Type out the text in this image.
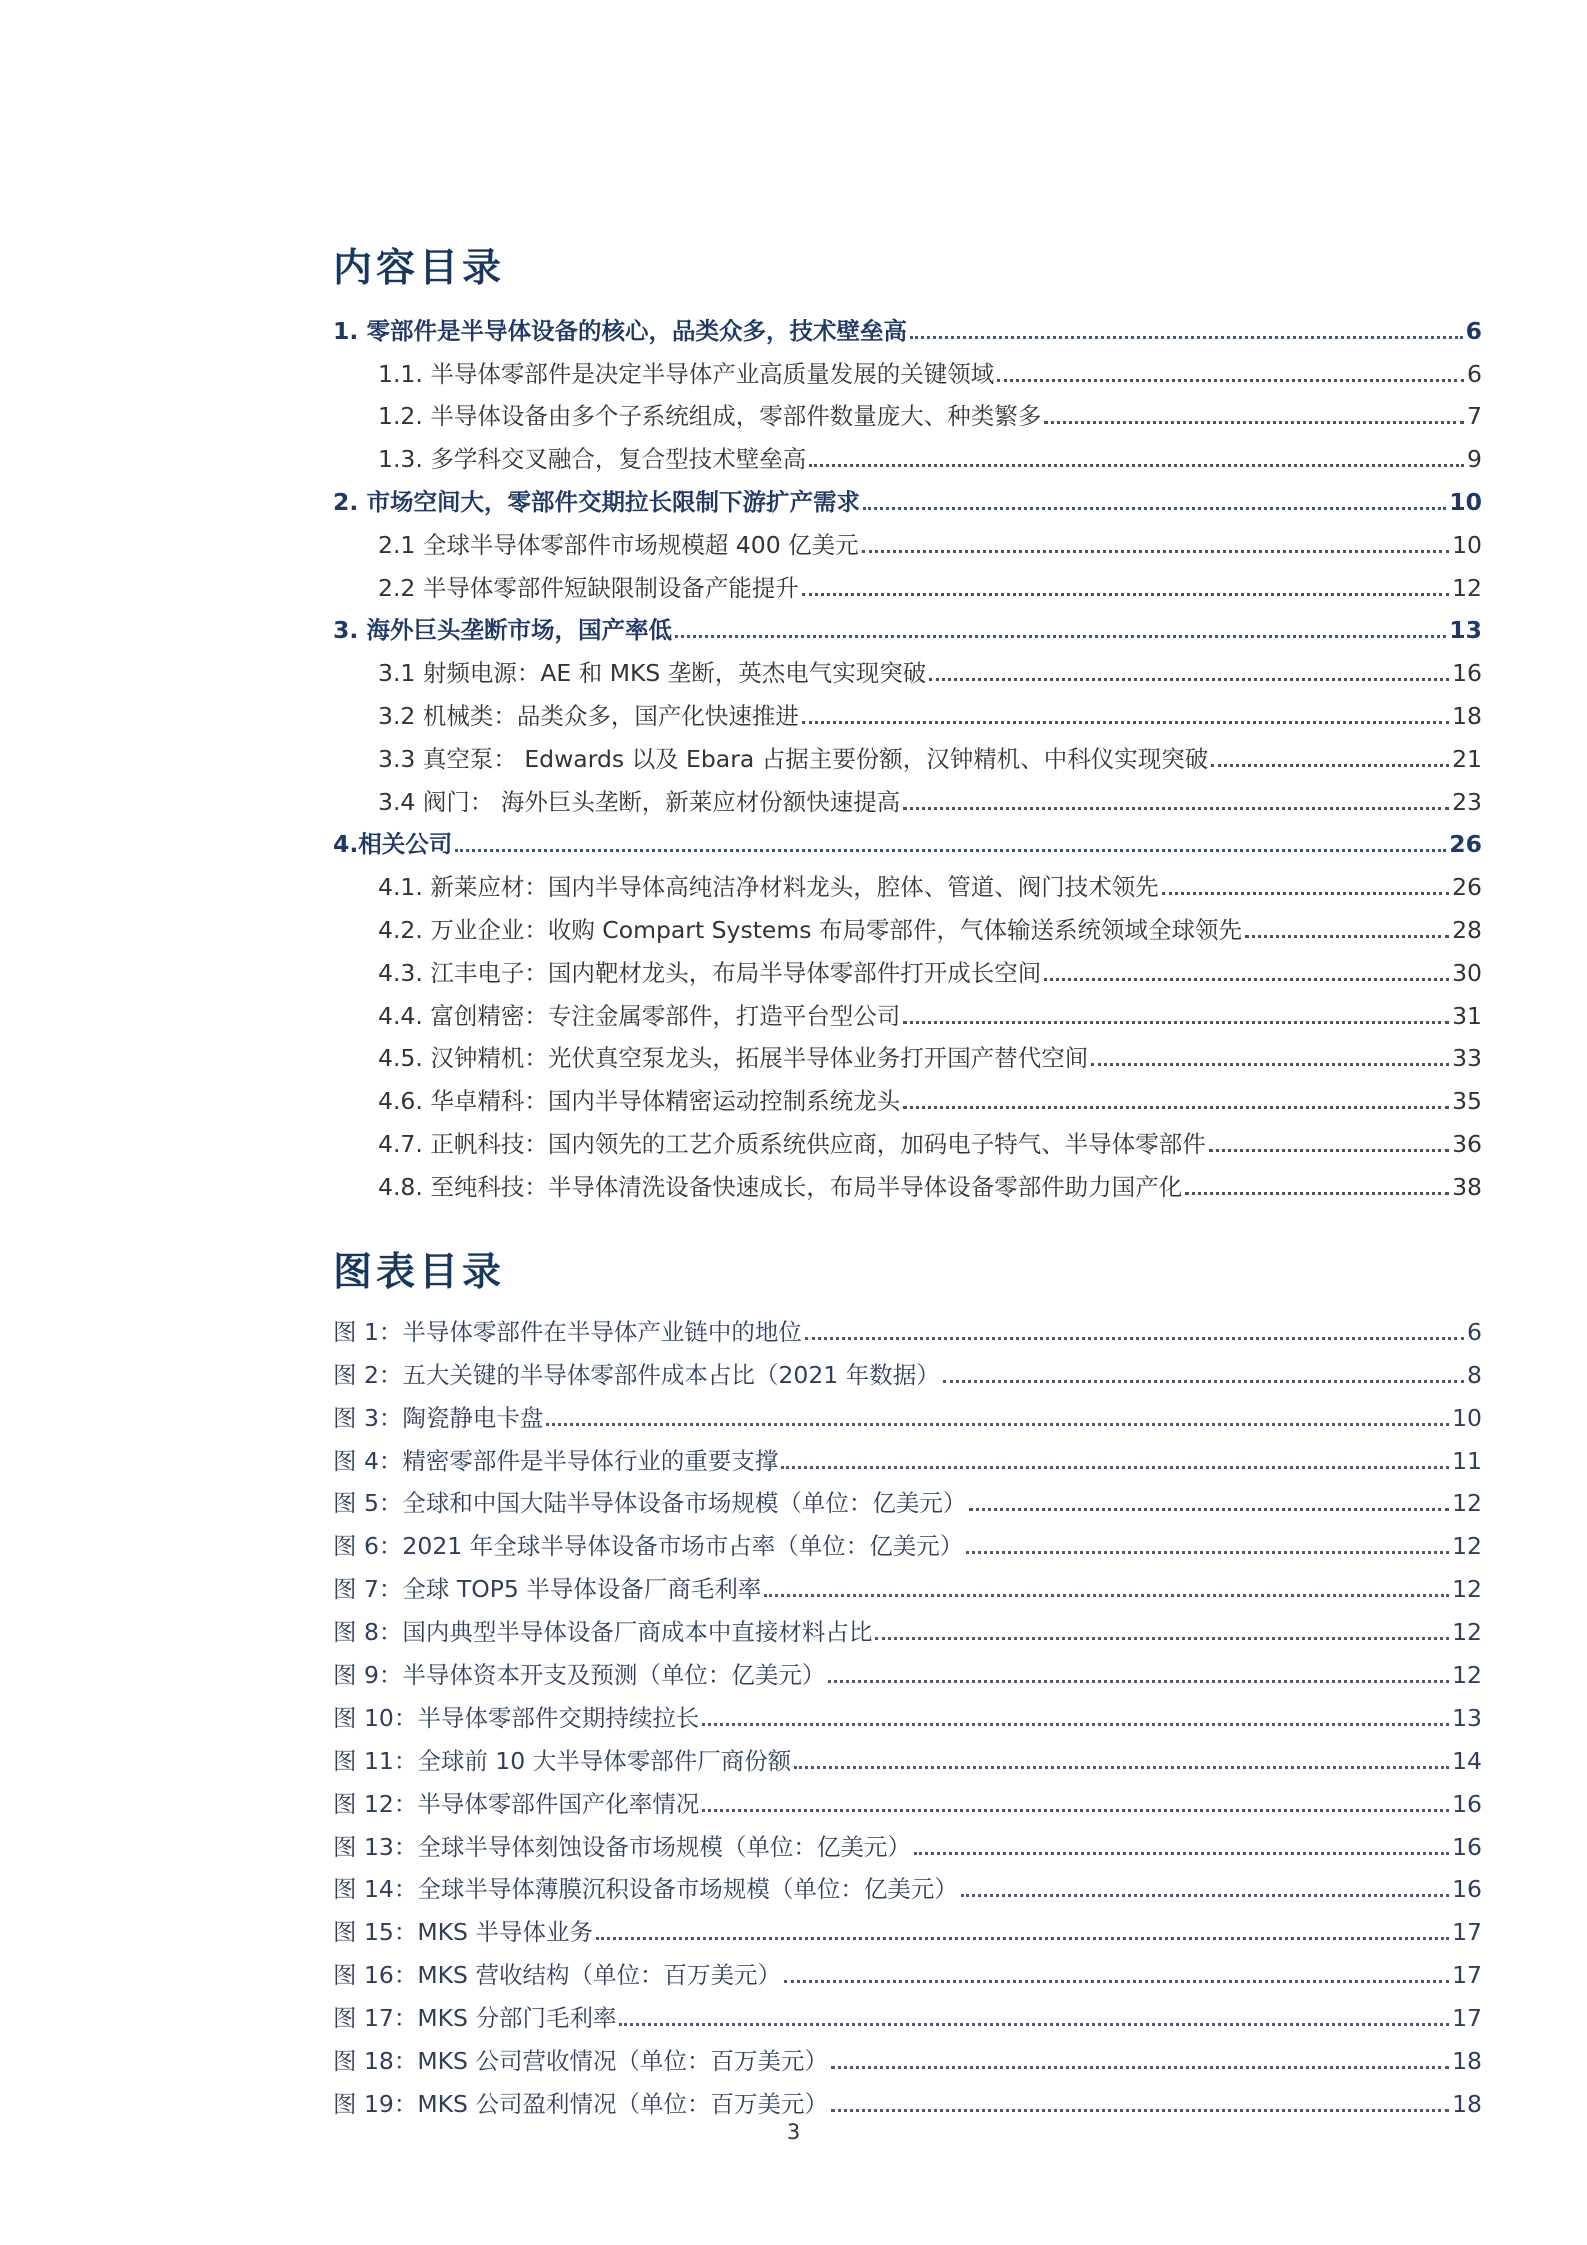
内容目录
1. 零部件是半导体设备的核心，品类众多，技术壁垒高	6
1.1. 半导体零部件是决定半导体产业高质量发展的关键领域	6
1.2. 半导体设备由多个子系统组成，零部件数量庞大、种类繁多	7
1.3. 多学科交叉融合，复合型技术壁垒高	9
2. 市场空间大，零部件交期拉长限制下游扩产需求	10
2.1 全球半导体零部件市场规模超 400 亿美元	10
2.2 半导体零部件短缺限制设备产能提升	12
3. 海外巨头垄断市场，国产率低	13
3.1 射频电源：AE 和 MKS 垄断，英杰电气实现突破	16
3.2 机械类：品类众多，国产化快速推进	18
3.3 真空泵： Edwards 以及 Ebara 占据主要份额，汉钟精机、中科仪实现突破	21
3.4 阀门： 海外巨头垄断，新莱应材份额快速提高	23
4.相关公司	26
4.1. 新莱应材：国内半导体高纯洁净材料龙头，腔体、管道、阀门技术领先	26
4.2. 万业企业：收购 Compart Systems 布局零部件，气体输送系统领域全球领先	28
4.3. 江丰电子：国内靶材龙头，布局半导体零部件打开成长空间	30
4.4. 富创精密：专注金属零部件，打造平台型公司	31
4.5. 汉钟精机：光伏真空泵龙头，拓展半导体业务打开国产替代空间	33
4.6. 华卓精科：国内半导体精密运动控制系统龙头	35
4.7. 正帆科技：国内领先的工艺介质系统供应商，加码电子特气、半导体零部件	36
4.8. 至纯科技：半导体清洗设备快速成长，布局半导体设备零部件助力国产化	38
图表目录
图 1：半导体零部件在半导体产业链中的地位	6
图 2：五大关键的半导体零部件成本占比（2021 年数据）	8
图 3：陶瓷静电卡盘	10
图 4：精密零部件是半导体行业的重要支撑	11
图 5：全球和中国大陆半导体设备市场规模（单位：亿美元）	12
图 6：2021 年全球半导体设备市场市占率（单位：亿美元）	12
图 7：全球 TOP5 半导体设备厂商毛利率	12
图 8：国内典型半导体设备厂商成本中直接材料占比	12
图 9：半导体资本开支及预测（单位：亿美元）	12
图 10：半导体零部件交期持续拉长	13
图 11：全球前 10 大半导体零部件厂商份额	14
图 12：半导体零部件国产化率情况	16
图 13：全球半导体刻蚀设备市场规模（单位：亿美元）	16
图 14：全球半导体薄膜沉积设备市场规模（单位：亿美元）	16
图 15：MKS 半导体业务	17
图 16：MKS 营收结构（单位：百万美元）	17
图 17：MKS 分部门毛利率	17
图 18：MKS 公司营收情况（单位：百万美元）	18
图 19：MKS 公司盈利情况（单位：百万美元）	18
3
